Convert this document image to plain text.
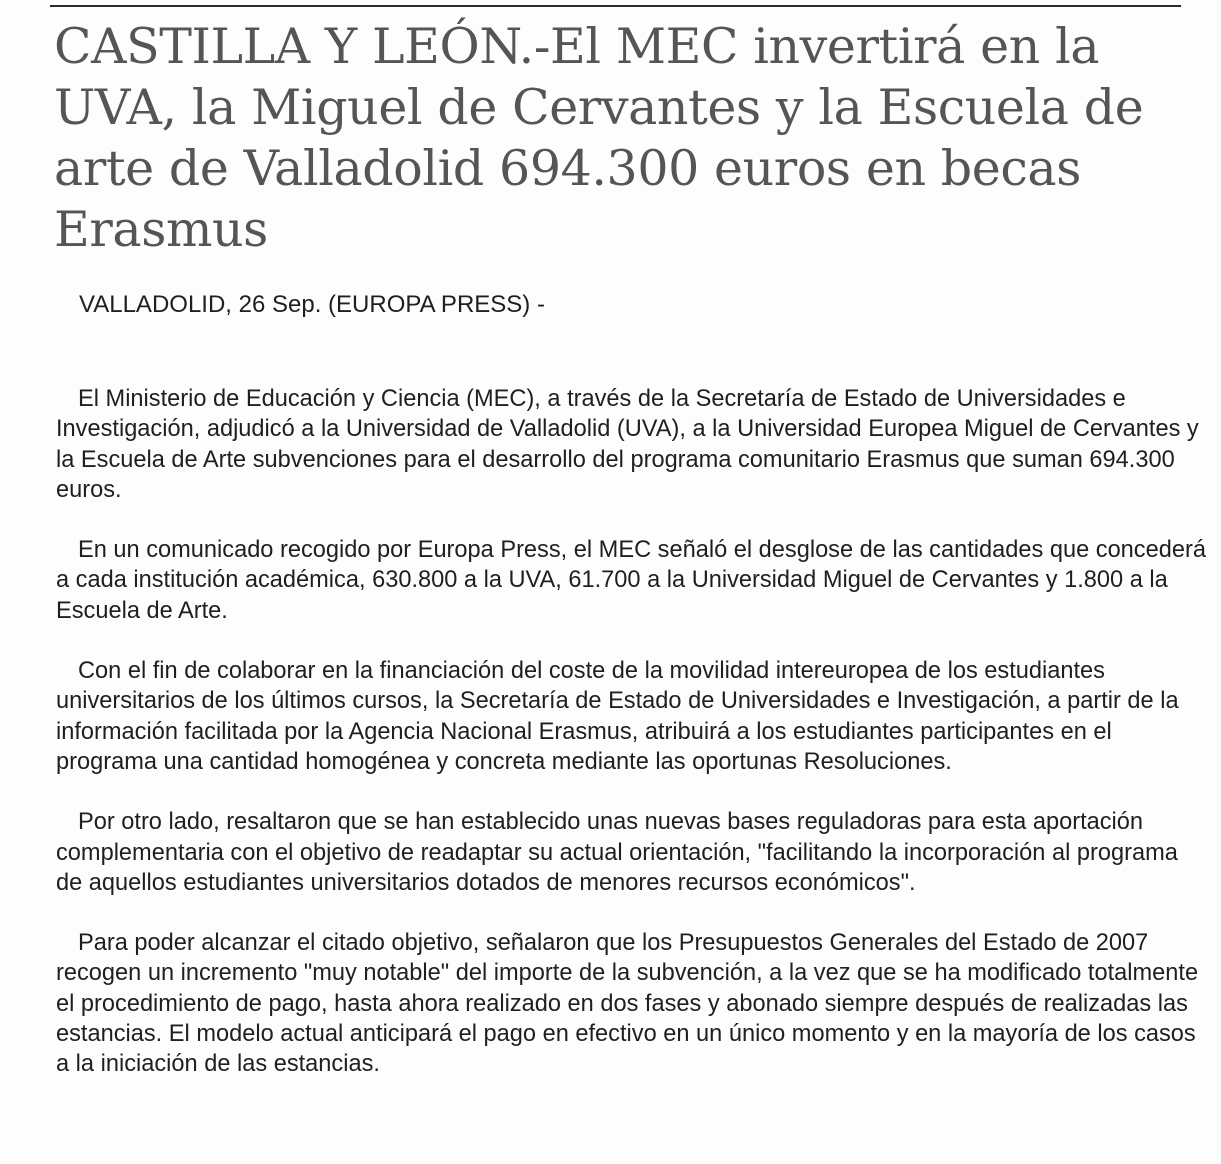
CASTILLA Y LEÓN.-El MEC invertirá en la UVA, la Miguel de Cervantes y la Escuela de arte de Valladolid 694.300 euros en becas Erasmus

VALLADOLID, 26 Sep. (EUROPA PRESS) -

El Ministerio de Educación y Ciencia (MEC), a través de la Secretaría de Estado de Universidades e Investigación, adjudicó a la Universidad de Valladolid (UVA), a la Universidad Europea Miguel de Cervantes y la Escuela de Arte subvenciones para el desarrollo del programa comunitario Erasmus que suman 694.300 euros.

En un comunicado recogido por Europa Press, el MEC señaló el desglose de las cantidades que concederá a cada institución académica, 630.800 a la UVA, 61.700 a la Universidad Miguel de Cervantes y 1.800 a la Escuela de Arte.

Con el fin de colaborar en la financiación del coste de la movilidad intereuropea de los estudiantes universitarios de los últimos cursos, la Secretaría de Estado de Universidades e Investigación, a partir de la información facilitada por la Agencia Nacional Erasmus, atribuirá a los estudiantes participantes en el programa una cantidad homogénea y concreta mediante las oportunas Resoluciones.

Por otro lado, resaltaron que se han establecido unas nuevas bases reguladoras para esta aportación complementaria con el objetivo de readaptar su actual orientación, "facilitando la incorporación al programa de aquellos estudiantes universitarios dotados de menores recursos económicos".

Para poder alcanzar el citado objetivo, señalaron que los Presupuestos Generales del Estado de 2007 recogen un incremento "muy notable" del importe de la subvención, a la vez que se ha modificado totalmente el procedimiento de pago, hasta ahora realizado en dos fases y abonado siempre después de realizadas las estancias. El modelo actual anticipará el pago en efectivo en un único momento y en la mayoría de los casos a la iniciación de las estancias.
